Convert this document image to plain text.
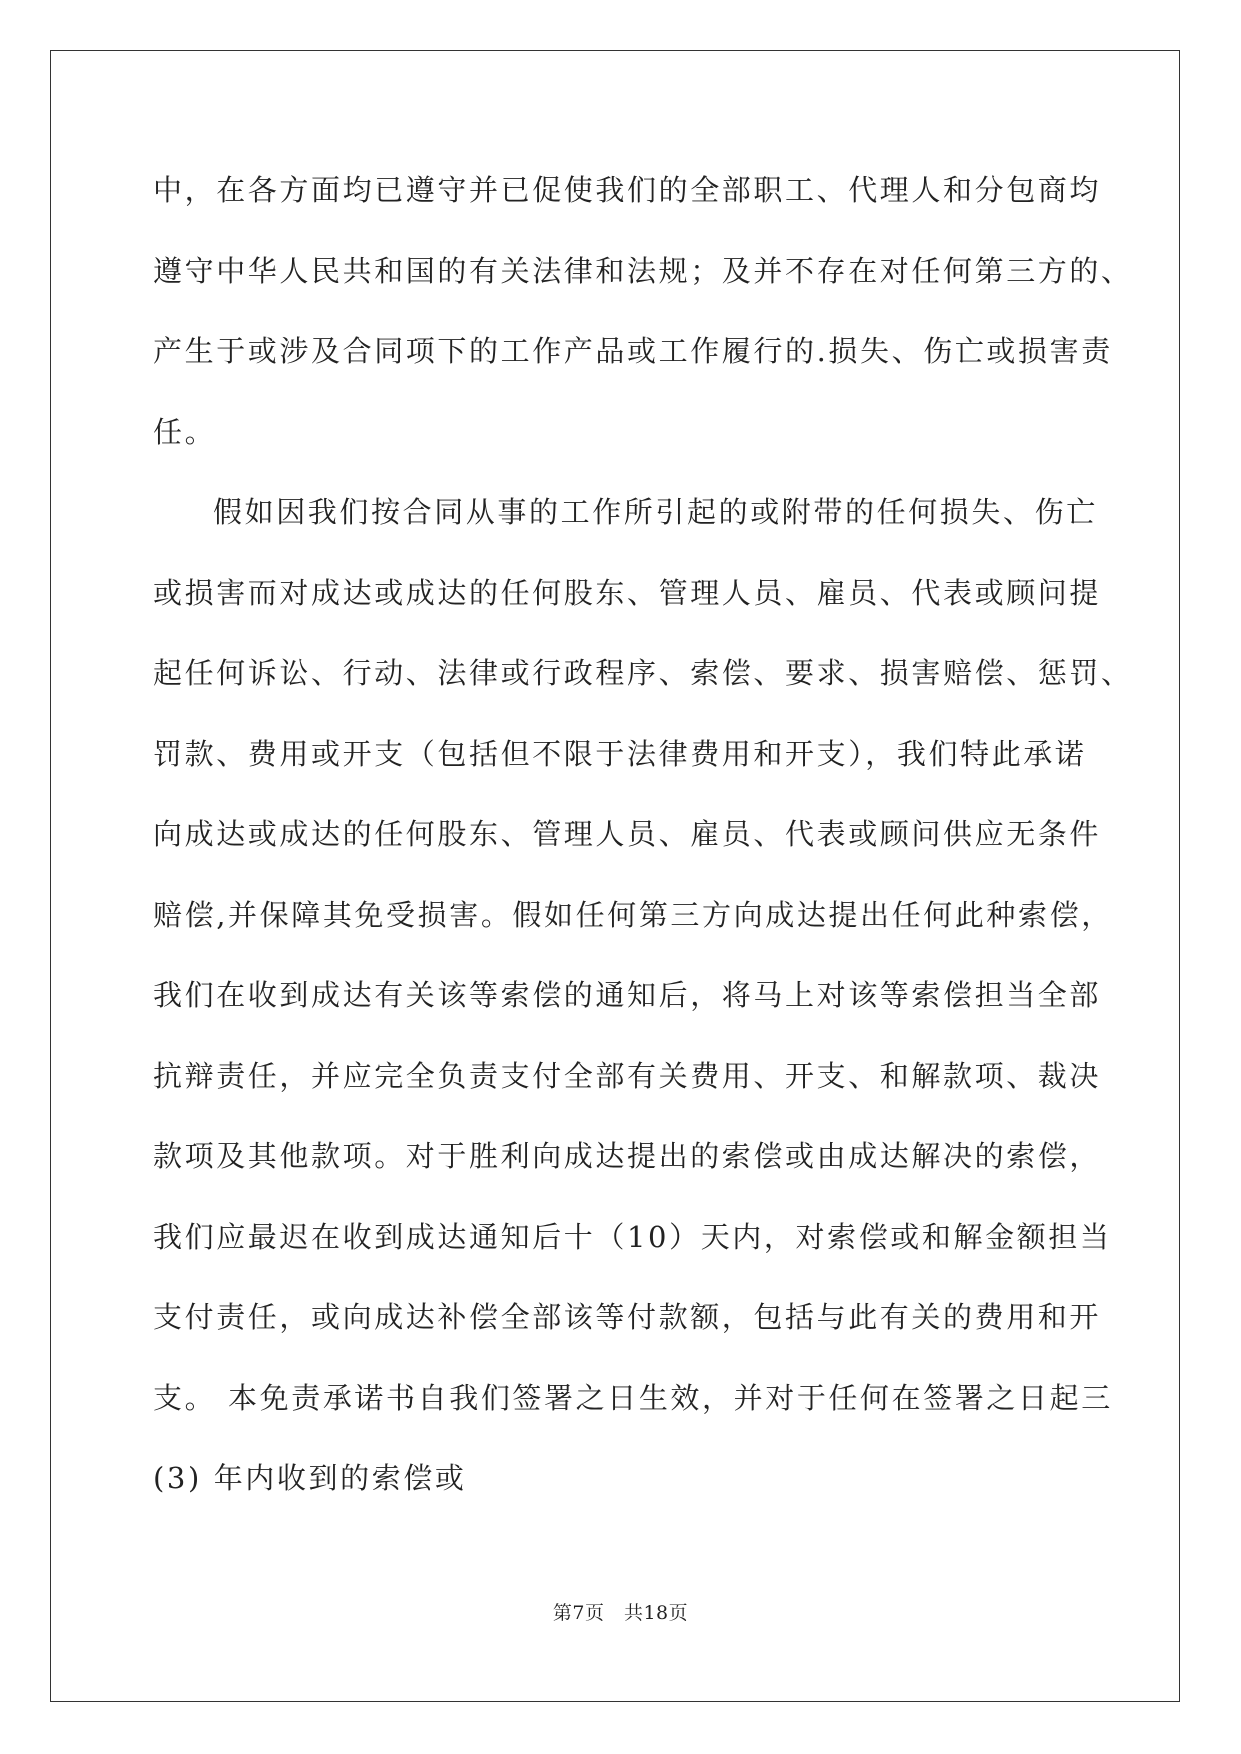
中，在各方面均已遵守并已促使我们的全部职工、代理人和分包商均
遵守中华人民共和国的有关法律和法规；及并不存在对任何第三方的、
产生于或涉及合同项下的工作产品或工作履行的.损失、伤亡或损害责
任。
假如因我们按合同从事的工作所引起的或附带的任何损失、伤亡
或损害而对成达或成达的任何股东、管理人员、雇员、代表或顾问提
起任何诉讼、行动、法律或行政程序、索偿、要求、损害赔偿、惩罚、
罚款、费用或开支（包括但不限于法律费用和开支），我们特此承诺
向成达或成达的任何股东、管理人员、雇员、代表或顾问供应无条件
赔偿,并保障其免受损害。假如任何第三方向成达提出任何此种索偿，
我们在收到成达有关该等索偿的通知后，将马上对该等索偿担当全部
抗辩责任，并应完全负责支付全部有关费用、开支、和解款项、裁决
款项及其他款项。对于胜利向成达提出的索偿或由成达解决的索偿，
我们应最迟在收到成达通知后十（10）天内，对索偿或和解金额担当
支付责任，或向成达补偿全部该等付款额，包括与此有关的费用和开
支。 本免责承诺书自我们签署之日生效，并对于任何在签署之日起三
(3) 年内收到的索偿或
第7页　共18页
